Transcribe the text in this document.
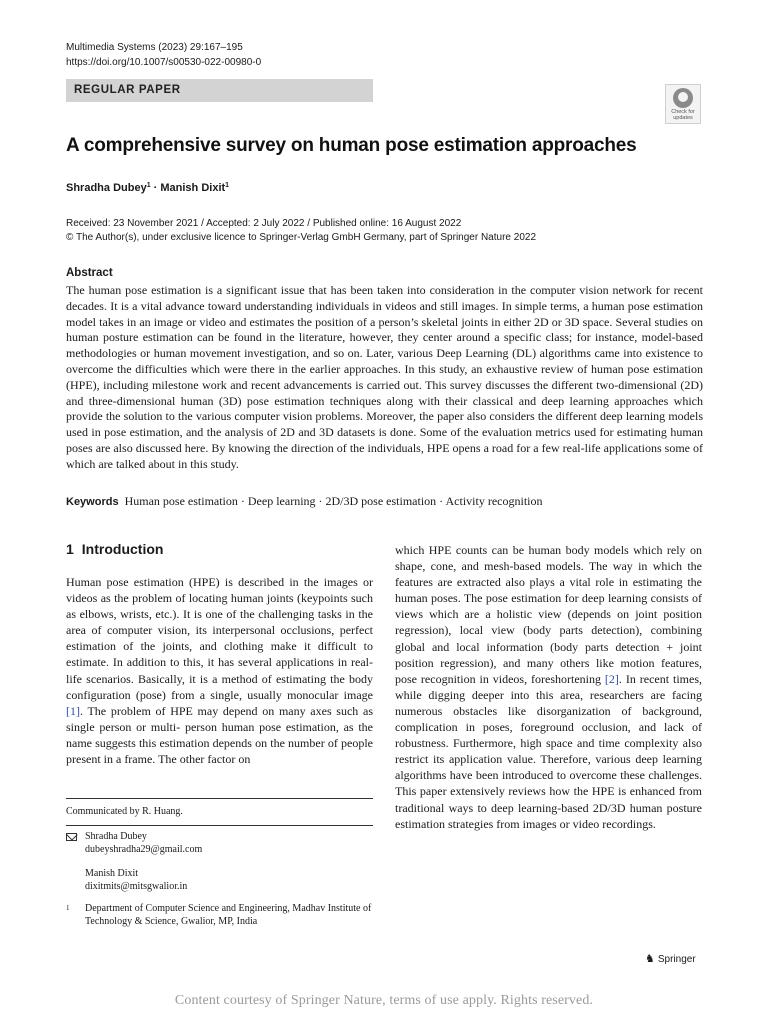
Multimedia Systems (2023) 29:167–195
https://doi.org/10.1007/s00530-022-00980-0
REGULAR PAPER
Check for
updates
A comprehensive survey on human pose estimation approaches
Shradha Dubey$^1$ · Manish Dixit$^1$
Received: 23 November 2021 / Accepted: 2 July 2022 / Published online: 16 August 2022
© The Author(s), under exclusive licence to Springer-Verlag GmbH Germany, part of Springer Nature 2022
Abstract
The human pose estimation is a significant issue that has been taken into consideration in the computer vision network for recent decades. It is a vital advance toward understanding individuals in videos and still images. In simple terms, a human pose estimation model takes in an image or video and estimates the position of a person’s skeletal joints in either 2D or 3D space. Several studies on human posture estimation can be found in the literature, however, they center around a specific class; for instance, model-based methodologies or human movement investigation, and so on. Later, various Deep Learning (DL) algorithms came into existence to overcome the difficulties which were there in the earlier approaches. In this study, an exhaustive review of human pose estimation (HPE), including milestone work and recent advancements is carried out. This survey discusses the different two-dimensional (2D) and three-dimensional human (3D) pose estimation techniques along with their classical and deep learning approaches which provide the solution to the various computer vision problems. Moreover, the paper also considers the different deep learning models used in pose estimation, and the analysis of 2D and 3D datasets is done. Some of the evaluation metrics used for estimating human poses are also discussed here. By knowing the direction of the individuals, HPE opens a road for a few real-life applications some of which are talked about in this study.
Keywords Human pose estimation · Deep learning · 2D/3D pose estimation · Activity recognition
1 Introduction
Human pose estimation (HPE) is described in the images or videos as the problem of locating human joints (keypoints such as elbows, wrists, etc.). It is one of the challenging tasks in the area of computer vision, its interpersonal occlusions, perfect estimation of the joints, and clothing make it difficult to estimate. In addition to this, it has several applications in real-life scenarios. Basically, it is a method of estimating the body configuration (pose) from a single, usually monocular image [1]. The problem of HPE may depend on many axes such as single person or multi- person human pose estimation, as the name suggests this estimation depends on the number of people present in a frame. The other factor on
which HPE counts can be human body models which rely on shape, cone, and mesh-based models. The way in which the features are extracted also plays a vital role in estimating the human poses. The pose estimation for deep learning consists of views which are a holistic view (depends on joint position regression), local view (body parts detection), combining global and local information (body parts detection + joint position regression), and many others like motion features, pose recognition in videos, foreshortening [2]. In recent times, while digging deeper into this area, researchers are facing numerous obstacles like disorganization of background, complication in poses, foreground occlusion, and lack of robustness. Furthermore, high space and time complexity also restrict its application value. Therefore, various deep learning algorithms have been introduced to overcome these challenges. This paper extensively reviews how the HPE is enhanced from traditional ways to deep learning-based 2D/3D human posture estimation strategies from images or video recordings.
Communicated by R. Huang.
Shradha Dubey
dubeyshradha29@gmail.com
Manish Dixit
dixitmits@mitsgwalior.in
1	Department of Computer Science and Engineering, Madhav Institute of Technology & Science, Gwalior, MP, India
♞ Springer
Content courtesy of Springer Nature, terms of use apply. Rights reserved.
